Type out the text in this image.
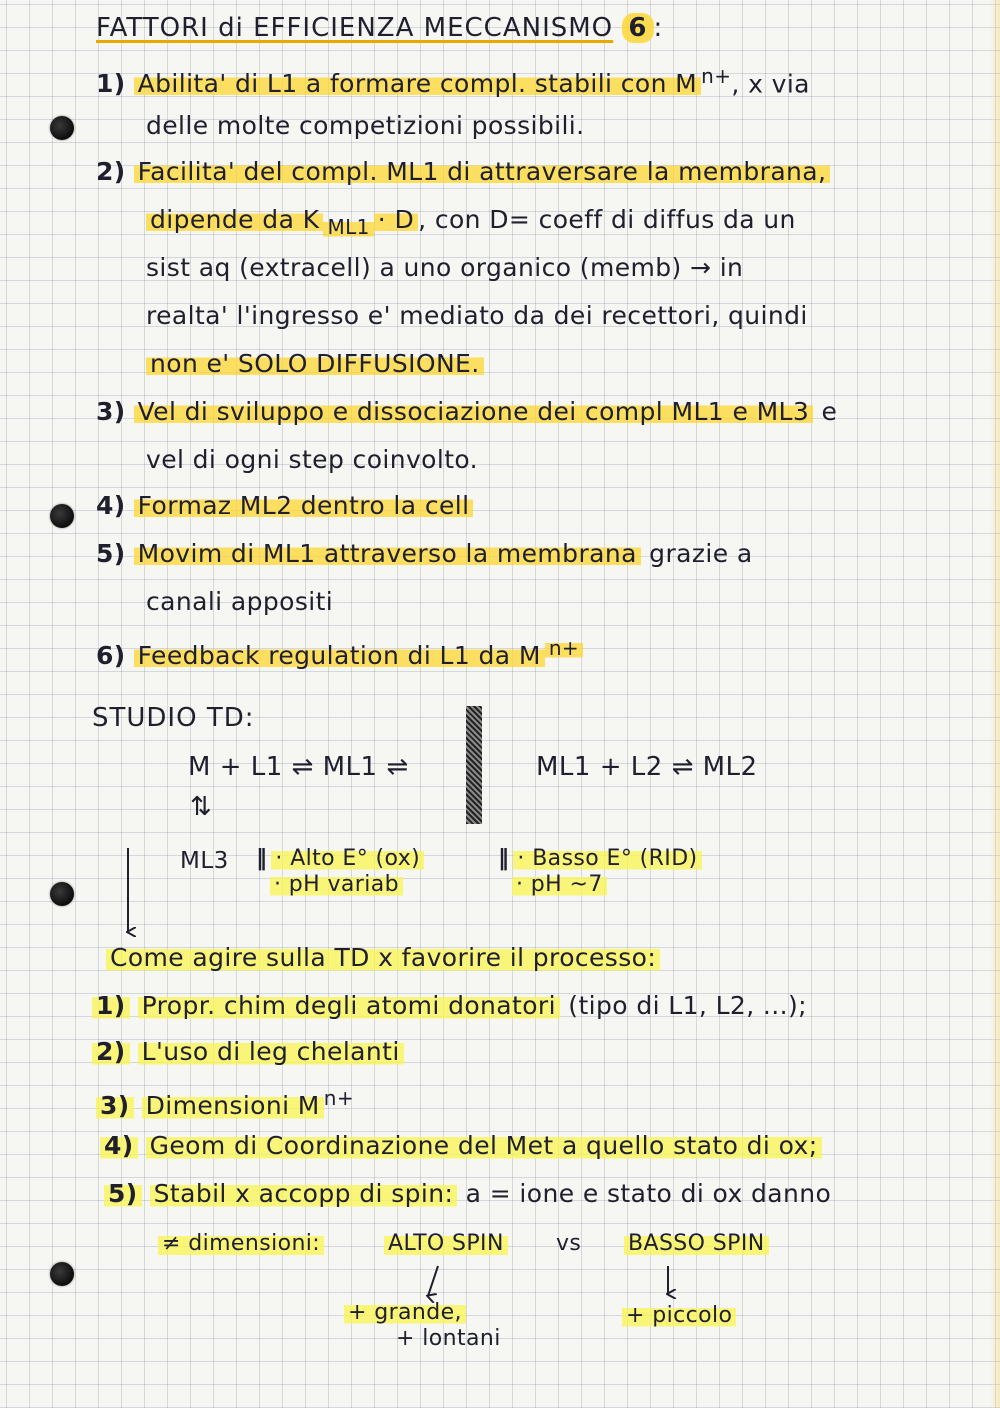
FATTORI di EFFICIENZA MECCANISMO 6 :
1) Abilita' di L1 a formare compl. stabili con M $^{n+}$, x via
delle molte competizioni possibili.
2) Facilita' del compl. ML1 di attraversare la membrana,
dipende da K $_{ML1}$ · D , con D= coeff di diffus da un
sist aq (extracell) a uno organico (memb) → in
realta' l'ingresso e' mediato da dei recettori, quindi
non e' SOLO DIFFUSIONE.
3) Vel di sviluppo e dissociazione dei compl ML1 e ML3 e
vel di ogni step coinvolto.
4) Formaz ML2 dentro la cell
5) Movim di ML1 attraverso la membrana grazie a
canali appositi
6) Feedback regulation di L1 da M $^{n+}$
STUDIO TD:
M + L1 ⇌ ML1 ⇌	ML1 + L2 ⇌ ML2
⇅
ML3 ‖ · Alto E° (ox)
· pH variab
‖ · Basso E° (RID)
· pH ~7
Come agire sulla TD x favorire il processo:
1) Propr. chim degli atomi donatori (tipo di L1, L2, ...);
2) L'uso di leg chelanti
3) Dimensioni M $^{n+}$
4) Geom di Coordinazione del Met a quello stato di ox;
5) Stabil x accopp di spin: a = ione e stato di ox danno
≠ dimensioni:	ALTO SPIN vs BASSO SPIN
+ grande,
+ lontani
+ piccolo
